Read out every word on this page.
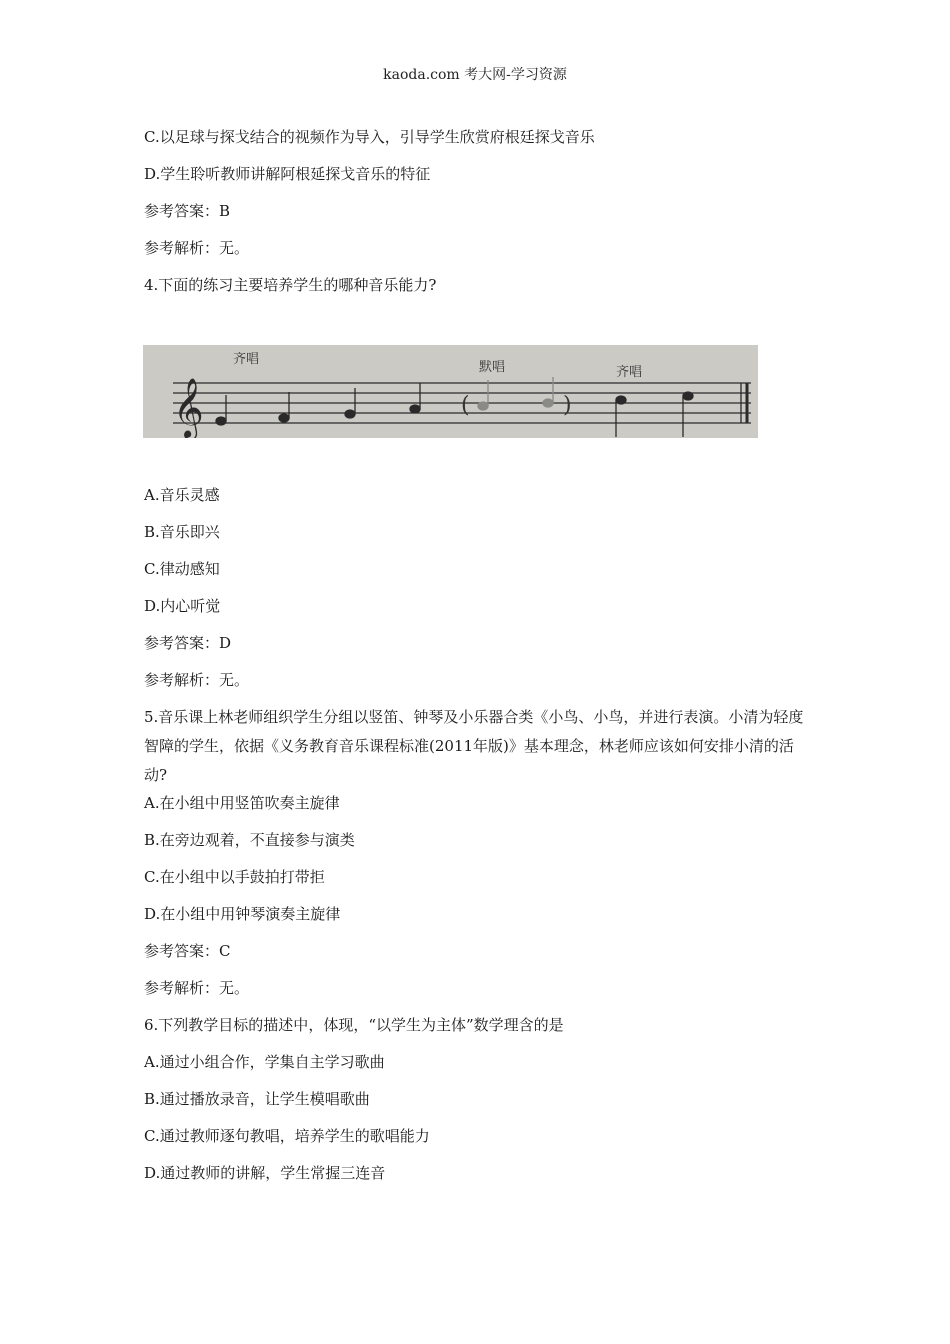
kaoda.com 考大网-学习资源
C.以足球与探戈结合的视频作为导入，引导学生欣赏府根廷探戈音乐
D.学生聆听教师讲解阿根延探戈音乐的特征
参考答案：B
参考解析：无。
4.下面的练习主要培养学生的哪种音乐能力?
𝄞
齐唱
默唱	齐唱
(	)
A.音乐灵感
B.音乐即兴
C.律动感知
D.内心听觉
参考答案：D
参考解析：无。
5.音乐课上林老师组织学生分组以竖笛、钟琴及小乐器合类《小鸟、小鸟，并进行表演。小清为轻度智障的学生，依据《义务教育音乐课程标准(2011年版)》基本理念，林老师应该如何安排小清的活动?
A.在小组中用竖笛吹奏主旋律
B.在旁边观着，不直接参与演类
C.在小组中以手鼓拍打带拒
D.在小组中用钟琴演奏主旋律
参考答案：C
参考解析：无。
6.下列教学目标的描述中，体现，“以学生为主体”数学理含的是
A.通过小组合作，学集自主学习歌曲
B.通过播放录音，让学生模唱歌曲
C.通过教师逐句教唱，培养学生的歌唱能力
D.通过教师的讲解，学生常握三连音
